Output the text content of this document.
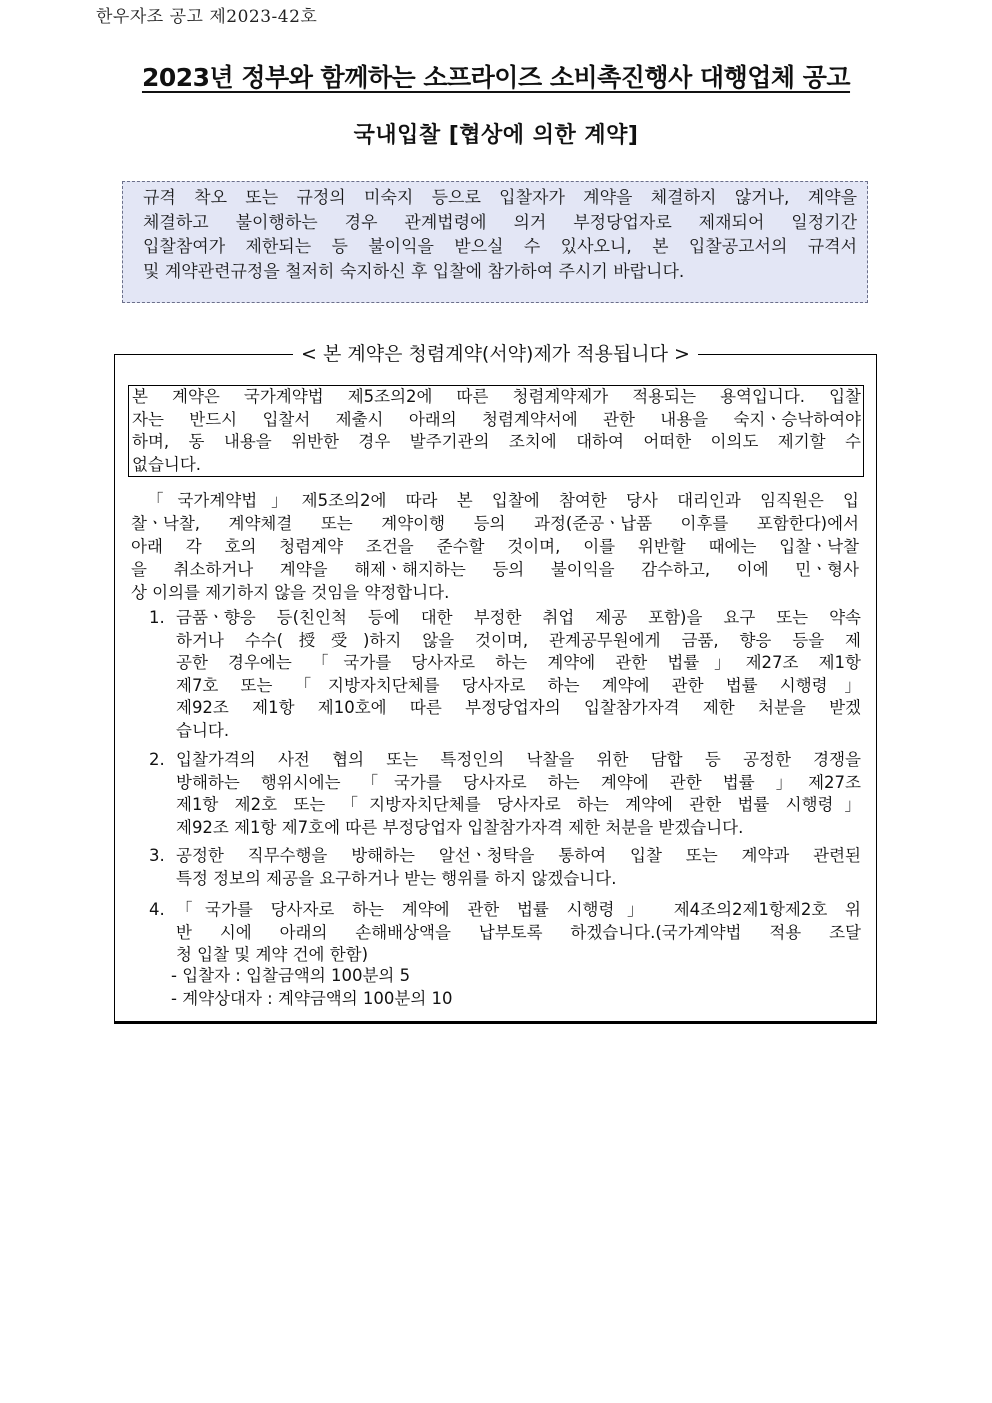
한우자조 공고 제2023-42호
2023년 정부와 함께하는 소프라이즈 소비촉진행사 대행업체 공고
국내입찰 [협상에 의한 계약]

규격 착오 또는 규정의 미숙지 등으로 입찰자가 계약을 체결하지 않거나, 계약을

체결하고 불이행하는 경우 관계법령에 의거 부정당업자로 제재되어 일정기간

입찰참여가 제한되는 등 불이익을 받으실 수 있사오니, 본 입찰공고서의 규격서

및 계약관련규정을 철저히 숙지하신 후 입찰에 참가하여 주시기 바랍니다.

< 본 계약은 청렴계약(서약)제가 적용됩니다 >

본 계약은 국가계약법 제5조의2에 따른 청렴계약제가 적용되는 용역입니다. 입찰

자는 반드시 입찰서 제출시 아래의 청렴계약서에 관한 내용을 숙지ㆍ승낙하여야

하며, 동 내용을 위반한 경우 발주기관의 조치에 대하여 어떠한 이의도 제기할 수

없습니다.

「국가계약법」제5조의2에 따라 본 입찰에 참여한 당사 대리인과 임직원은 입

찰ㆍ낙찰, 계약체결 또는 계약이행 등의 과정(준공ㆍ납품 이후를 포함한다)에서

아래 각 호의 청렴계약 조건을 준수할 것이며, 이를 위반할 때에는 입찰ㆍ낙찰

을 취소하거나 계약을 해제ㆍ해지하는 등의 불이익을 감수하고, 이에 민ㆍ형사

상 이의를 제기하지 않을 것임을 약정합니다.

1. 금품ㆍ향응 등(친인척 등에 대한 부정한 취업 제공 포함)을 요구 또는 약속

하거나 수수(授受)하지 않을 것이며, 관계공무원에게 금품, 향응 등을 제

공한 경우에는 「국가를 당사자로 하는 계약에 관한 법률」제27조 제1항

제7호 또는 「지방자치단체를 당사자로 하는 계약에 관한 법률 시행령」

제92조 제1항 제10호에 따른 부정당업자의 입찰참가자격 제한 처분을 받겠

습니다.

2. 입찰가격의 사전 협의 또는 특정인의 낙찰을 위한 담합 등 공정한 경쟁을

방해하는 행위시에는 「국가를 당사자로 하는 계약에 관한 법률 」제27조

제1항 제2호 또는 「지방자치단체를 당사자로 하는 계약에 관한 법률 시행령」

제92조 제1항 제7호에 따른 부정당업자 입찰참가자격 제한 처분을 받겠습니다.

3. 공정한 직무수행을 방해하는 알선ㆍ청탁을 통하여 입찰 또는 계약과 관련된

특정 정보의 제공을 요구하거나 받는 행위를 하지 않겠습니다.

4. 「국가를 당사자로 하는 계약에 관한 법률 시행령」 제4조의2제1항제2호 위

반 시에 아래의 손해배상액을 납부토록 하겠습니다.(국가계약법 적용 조달

청 입찰 및 계약 건에 한함)

- 입찰자 : 입찰금액의 100분의 5
- 계약상대자 : 계약금액의 100분의 10
